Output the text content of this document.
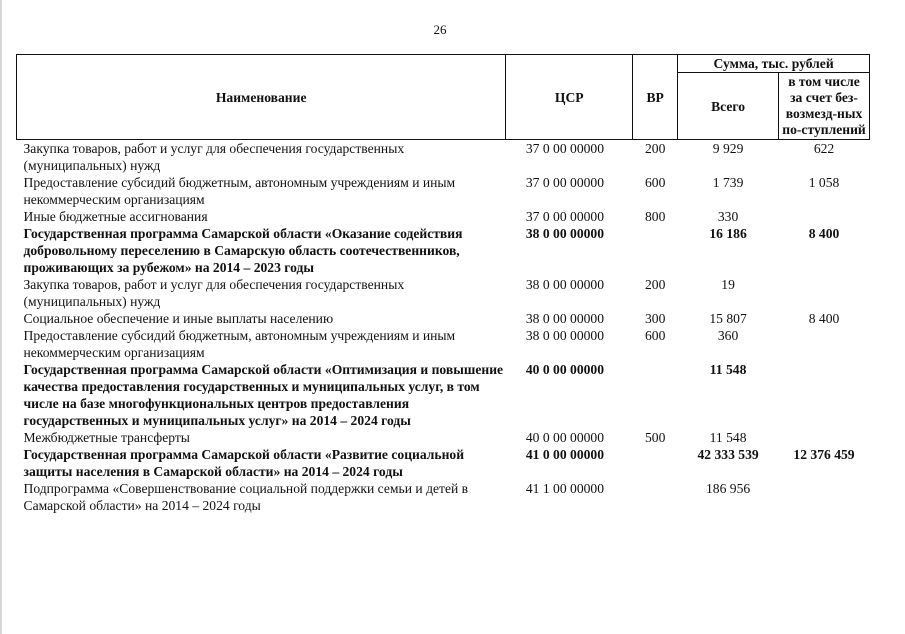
26
Наименование	ЦСР	ВР	Сумма, тыс. рублей	
			Всего	в том числе за счет без-возмезд-ных по-ступлений
Закупка товаров, работ и услуг для обеспечения государственных (муниципальных) нужд	37 0 00 00000	200	9 929	622
Предоставление субсидий бюджетным, автономным учреждениям и иным некоммерческим организациям	37 0 00 00000	600	1 739	1 058
Иные бюджетные ассигнования	37 0 00 00000	800	330	
Государственная программа Самарской области «Оказание содействия добровольному переселению в Самарскую область соотечественников, проживающих за рубежом» на 2014 – 2023 годы	38 0 00 00000		16 186	8 400
Закупка товаров, работ и услуг для обеспечения государственных (муниципальных) нужд	38 0 00 00000	200	19	
Социальное обеспечение и иные выплаты населению	38 0 00 00000	300	15 807	8 400
Предоставление субсидий бюджетным, автономным учреждениям и иным некоммерческим организациям	38 0 00 00000	600	360	
Государственная программа Самарской области «Оптимизация и повышение качества предоставления государственных и муниципальных услуг, в том числе на базе многофункциональных центров предоставления государственных и муниципальных услуг» на 2014 – 2024 годы	40 0 00 00000		11 548	
Межбюджетные трансферты	40 0 00 00000	500	11 548	
Государственная программа Самарской области «Развитие социальной защиты населения в Самарской области» на 2014 – 2024 годы	41 0 00 00000		42 333 539	12 376 459
Подпрограмма «Совершенствование социальной поддержки семьи и детей в Самарской области» на 2014 – 2024 годы	41 1 00 00000		186 956	
